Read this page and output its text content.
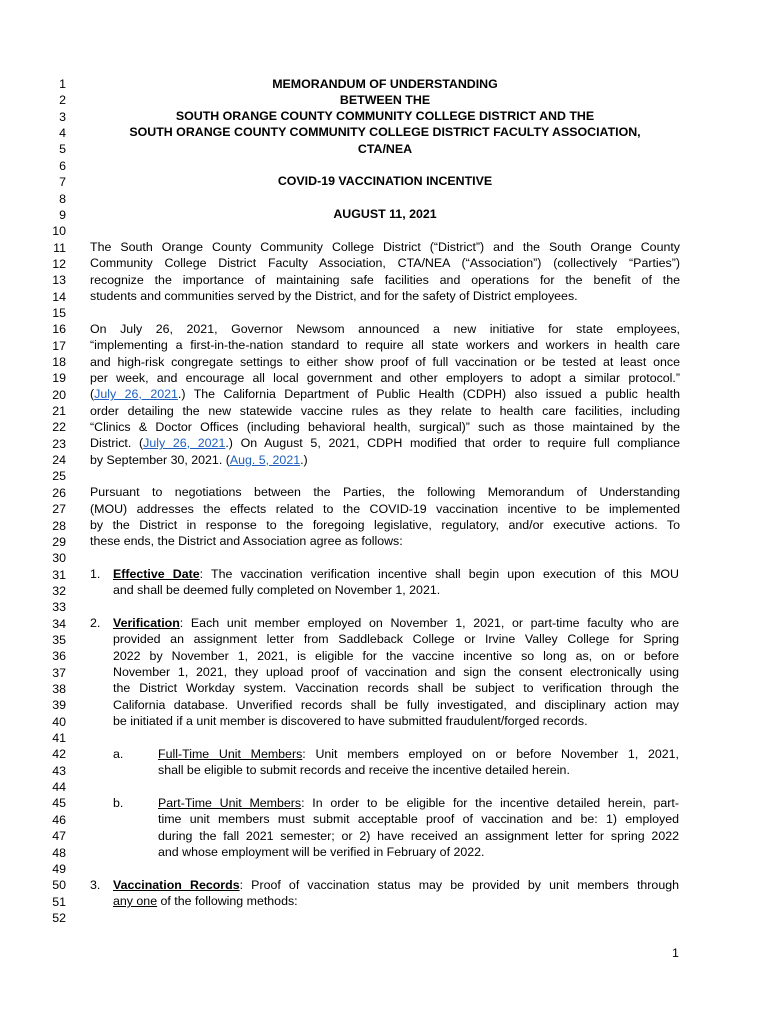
1
2
3
4
5
6
7
8
9
10
11
12
13
14
15
16
17
18
19
20
21
22
23
24
25
26
27
28
29
30
31
32
33
34
35
36
37
38
39
40
41
42
43
44
45
46
47
48
49
50
51
52
MEMORANDUM OF UNDERSTANDING
BETWEEN THE
SOUTH ORANGE COUNTY COMMUNITY COLLEGE DISTRICT AND THE
SOUTH ORANGE COUNTY COMMUNITY COLLEGE DISTRICT FACULTY ASSOCIATION,
CTA/NEA
COVID-19 VACCINATION INCENTIVE
AUGUST 11, 2021
The South Orange County Community College District (“District”) and the South Orange County
Community College District Faculty Association, CTA/NEA (“Association”) (collectively “Parties”)
recognize the importance of maintaining safe facilities and operations for the benefit of the
students and communities served by the District, and for the safety of District employees.
On July 26, 2021, Governor Newsom announced a new initiative for state employees,
“implementing a first-in-the-nation standard to require all state workers and workers in health care
and high-risk congregate settings to either show proof of full vaccination or be tested at least once
per week, and encourage all local government and other employers to adopt a similar protocol.”
(July 26, 2021.) The California Department of Public Health (CDPH) also issued a public health
order detailing the new statewide vaccine rules as they relate to health care facilities, including
“Clinics & Doctor Offices (including behavioral health, surgical)” such as those maintained by the
District. (July 26, 2021.) On August 5, 2021, CDPH modified that order to require full compliance
by September 30, 2021. (Aug. 5, 2021.)
Pursuant to negotiations between the Parties, the following Memorandum of Understanding
(MOU) addresses the effects related to the COVID-19 vaccination incentive to be implemented
by the District in response to the foregoing legislative, regulatory, and/or executive actions. To
these ends, the District and Association agree as follows:
1. Effective Date: The vaccination verification incentive shall begin upon execution of this MOU
and shall be deemed fully completed on November 1, 2021.
2. Verification: Each unit member employed on November 1, 2021, or part-time faculty who are
provided an assignment letter from Saddleback College or Irvine Valley College for Spring
2022 by November 1, 2021, is eligible for the vaccine incentive so long as, on or before
November 1, 2021, they upload proof of vaccination and sign the consent electronically using
the District Workday system. Vaccination records shall be subject to verification through the
California database. Unverified records shall be fully investigated, and disciplinary action may
be initiated if a unit member is discovered to have submitted fraudulent/forged records.
a.	Full-Time Unit Members: Unit members employed on or before November 1, 2021,
shall be eligible to submit records and receive the incentive detailed herein.
b.	Part-Time Unit Members: In order to be eligible for the incentive detailed herein, part-
time unit members must submit acceptable proof of vaccination and be: 1) employed
during the fall 2021 semester; or 2) have received an assignment letter for spring 2022
and whose employment will be verified in February of 2022.
3. Vaccination Records: Proof of vaccination status may be provided by unit members through
any one of the following methods:
1
